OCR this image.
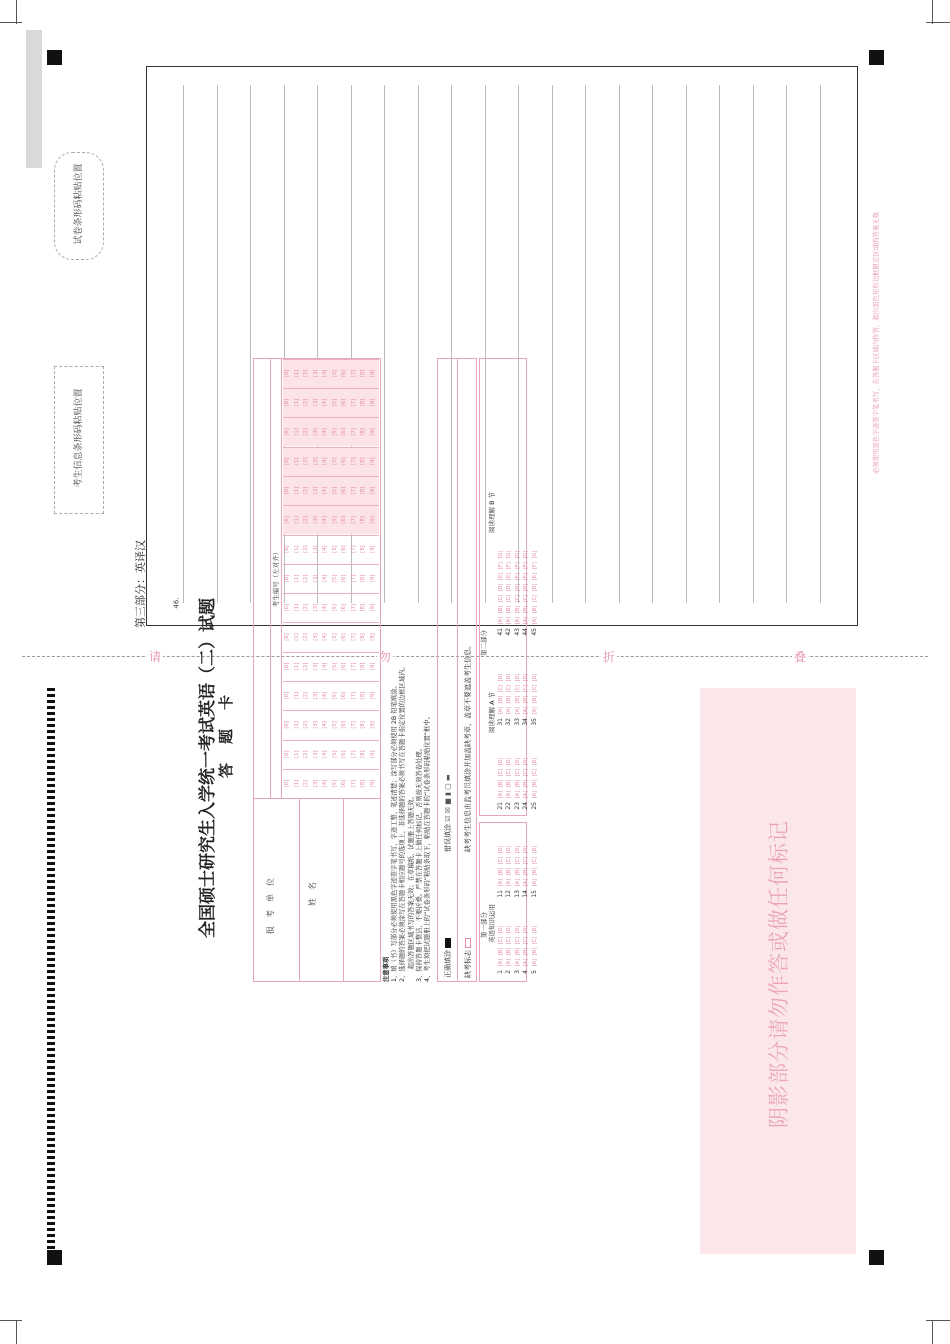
试卷条形码粘贴位置
考生信息条形码粘贴位置
第三部分：英译汉	46.
必须使用黑色字迹签字笔书写，在答题卡区域内作答，超出黑色矩形边框限定区域的答案无效
请	勿	折	叠
阴影部分请勿作答或做任何标记
全国硕士研究生入学统一考试英语（二）试题 答　题　卡
报　考　单　位	姓　名
考生编号（左对齐）
[0] [1] [2] [3] [4] [5] [6] [7] [8] [9]
[0] [1] [2] [3] [4] [5] [6] [7] [8] [9]
[0] [1] [2] [3] [4] [5] [6] [7] [8] [9]
[0] [1] [2] [3] [4] [5] [6] [7] [8] [9]
[0] [1] [2] [3] [4] [5] [6] [7] [8] [9]
[0] [1] [2] [3] [4] [5] [6] [7] [8] [9]
[0] [1] [2] [3] [4] [5] [6] [7] [8] [9]
[0] [1] [2] [3] [4] [5] [6] [7] [8] [9]
[0] [1] [2] [3] [4] [5] [6] [7] [8] [9]
[0] [1] [2] [3] [4] [5] [6] [7] [8] [9]
[0] [1] [2] [3] [4] [5] [6] [7] [8] [9]
[0] [1] [2] [3] [4] [5] [6] [7] [8] [9]
[0] [1] [2] [3] [4] [5] [6] [7] [8] [9]
[0] [1] [2] [3] [4] [5] [6] [7] [8] [9]
[0] [1] [2] [3] [4] [5] [6] [7] [8] [9]
注意事项 1、填（书）写部分必须使用黑色字迹签字笔书写，字迹工整、笔迹清楚；涂写部分必须使用 2B 铅笔填涂。 2、选择题的答案必须涂写在答题卡相应题号的选项上，非选择题的答案必须书写在答题卡指定位置的边框区域内。 　　超出答题区域书写的答案无效；在草稿纸、试题册上答题无效。 3、保持答题卡整洁，不要折叠。严禁在答题卡上做任何标记，否则按无效答卷处理。 4、考生须把试题册上的“试卷条形码”粘贴条取下，粘贴在答题卡的“试卷条形码粘贴位置”框中。 正确填涂
错误填涂 ☑ ☒ ■ ▮ ▢ ▬
缺考标志
缺考考生信息由监考员填涂并加盖缺考章，盖章不要遮盖考生信息。
第一部分 英语知识运用
第二部分
阅读理解 A 节
阅读理解 B 节
1[A][B][C][D]
2[A][B][C][D]
3[A][B][C][D]
4[A][B][C][D]
5[A][B][C][D]
11[A][B][C][D]
12[A][B][C][D]
13[A][B][C][D]
14[A][B][C][D]
15[A][B][C][D]
21[A][B][C][D]
22[A][B][C][D]
23[A][B][C][D]
24[A][B][C][D]
25[A][B][C][D]
31[A][B][C][D]
32[A][B][C][D]
33[A][B][C][D]
34[A][B][C][D]
35[A][B][C][D]
41[A][B][C][D][E][F][G]
42[A][B][C][D][E][F][G]
43[A][B][C][D][E][F][G]
44[A][B][C][D][E][F][G]
45[A][B][C][D][E][F][G]
